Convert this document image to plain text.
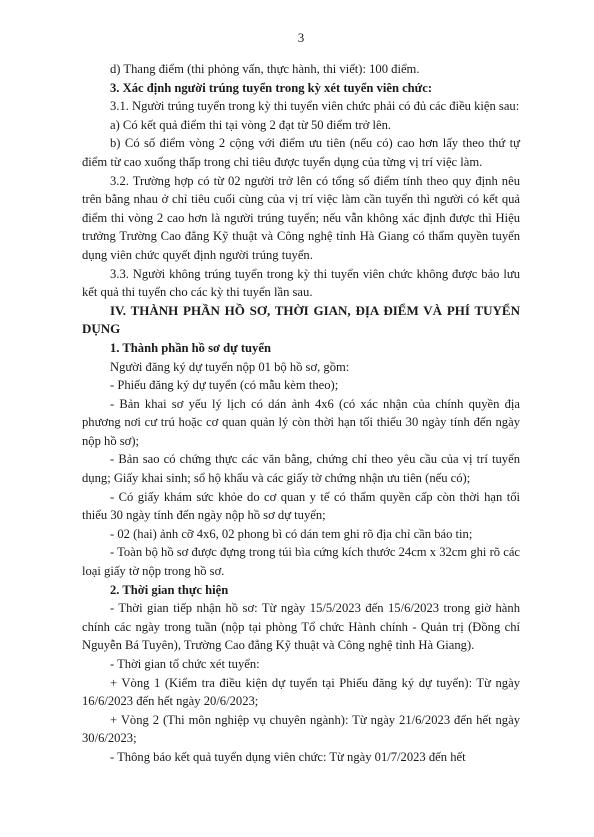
3

d) Thang điểm (thi phỏng vấn, thực hành, thi viết): 100 điểm.

3. Xác định người trúng tuyển trong kỳ xét tuyển viên chức:

3.1. Người trúng tuyển trong kỳ thi tuyển viên chức phải có đủ các điều kiện sau:

a) Có kết quả điểm thi tại vòng 2 đạt từ 50 điểm trở lên.

b) Có số điểm vòng 2 cộng với điểm ưu tiên (nếu có) cao hơn lấy theo thứ tự điểm từ cao xuống thấp trong chỉ tiêu được tuyển dụng của từng vị trí việc làm.

3.2. Trường hợp có từ 02 người trở lên có tổng số điểm tính theo quy định nêu trên bằng nhau ở chỉ tiêu cuối cùng của vị trí việc làm cần tuyển thì người có kết quả điểm thi vòng 2 cao hơn là người trúng tuyển; nếu vẫn không xác định được thì Hiệu trưởng Trường Cao đẳng Kỹ thuật và Công nghệ tỉnh Hà Giang có thẩm quyền tuyển dụng viên chức quyết định người trúng tuyển.

3.3. Người không trúng tuyển trong kỳ thi tuyển viên chức không được bảo lưu kết quả thi tuyển cho các kỳ thi tuyển lần sau.

IV. THÀNH PHẦN HỒ SƠ, THỜI GIAN, ĐỊA ĐIỂM VÀ PHÍ TUYỂN DỤNG

1. Thành phần hồ sơ dự tuyển

Người đăng ký dự tuyển nộp 01 bộ hồ sơ, gồm:

- Phiếu đăng ký dự tuyển (có mẫu kèm theo);

- Bản khai sơ yếu lý lịch có dán ảnh 4x6 (có xác nhận của chính quyền địa phương nơi cư trú hoặc cơ quan quản lý còn thời hạn tối thiểu 30 ngày tính đến ngày nộp hồ sơ);

- Bản sao có chứng thực các văn bằng, chứng chỉ theo yêu cầu của vị trí tuyển dụng; Giấy khai sinh; sổ hộ khẩu và các giấy tờ chứng nhận ưu tiên (nếu có);

- Có giấy khám sức khỏe do cơ quan y tế có thẩm quyền cấp còn thời hạn tối thiểu 30 ngày tính đến ngày nộp hồ sơ dự tuyển;

- 02 (hai) ảnh cỡ 4x6, 02 phong bì có dán tem ghi rõ địa chỉ cần báo tin;

- Toàn bộ hồ sơ được đựng trong túi bìa cứng kích thước 24cm x 32cm ghi rõ các loại giấy tờ nộp trong hồ sơ.

2. Thời gian thực hiện

- Thời gian tiếp nhận hồ sơ: Từ ngày 15/5/2023 đến 15/6/2023 trong giờ hành chính các ngày trong tuần (nộp tại phòng Tổ chức Hành chính - Quản trị (Đồng chí Nguyễn Bá Tuyên), Trường Cao đẳng Kỹ thuật và Công nghệ tỉnh Hà Giang).

- Thời gian tổ chức xét tuyển:

+ Vòng 1 (Kiểm tra điều kiện dự tuyển tại Phiếu đăng ký dự tuyển): Từ ngày 16/6/2023 đến hết ngày 20/6/2023;

+ Vòng 2 (Thi môn nghiệp vụ chuyên ngành): Từ ngày 21/6/2023 đến hết ngày 30/6/2023;

- Thông báo kết quả tuyển dụng viên chức: Từ ngày 01/7/2023 đến hết
